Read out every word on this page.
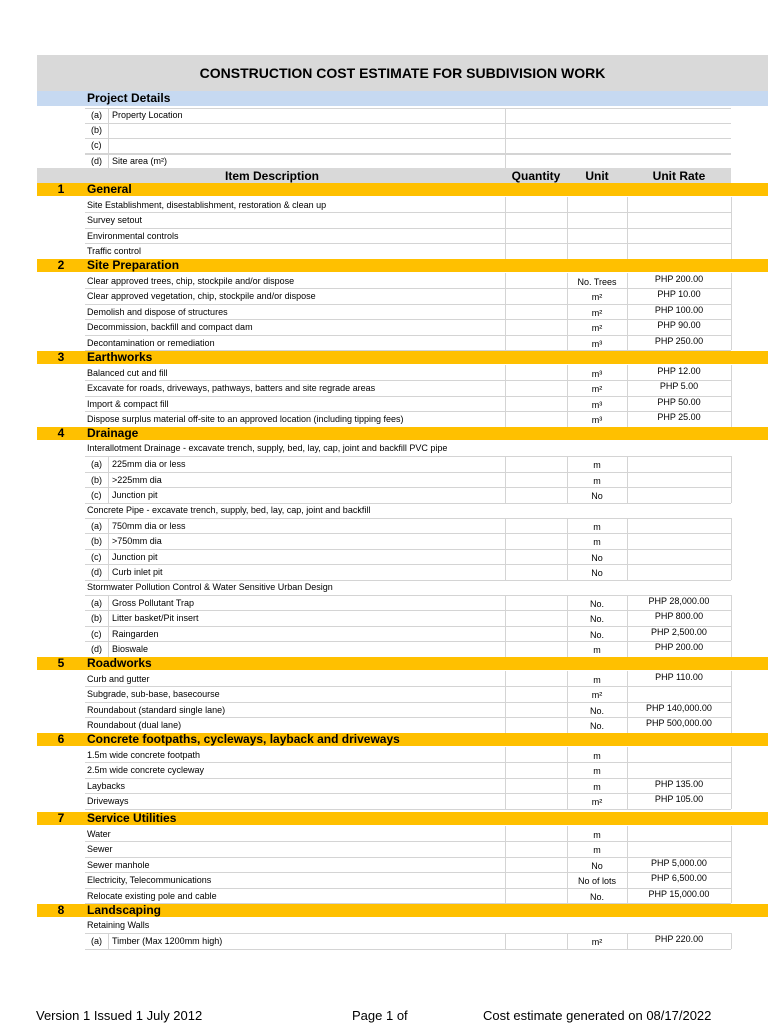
CONSTRUCTION COST ESTIMATE FOR SUBDIVISION WORK
Project Details
(a) Property Location
(b)
(c)
(d) Site area (m²)
Item Description	Quantity	Unit	Unit Rate
1	General
Site Establishment, disestablishment, restoration & clean up
Survey setout
Environmental controls
Traffic control
2	Site Preparation
Clear approved trees, chip, stockpile and/or dispose	No. Trees	PHP 200.00
Clear approved vegetation, chip, stockpile and/or dispose	m²	PHP 10.00
Demolish and dispose of structures	m²	PHP 100.00
Decommission, backfill and compact dam	m²	PHP 90.00
Decontamination or remediation	m³	PHP 250.00
3	Earthworks
Balanced cut and fill	m³	PHP 12.00
Excavate for roads, driveways, pathways, batters and site regrade areas	m²	PHP 5.00
Import & compact fill	m³	PHP 50.00
Dispose surplus material off-site to an approved location (including tipping fees)	m³	PHP 25.00
4	Drainage
Interallotment Drainage - excavate trench, supply, bed, lay, cap, joint and backfill PVC pipe
(a) 225mm dia or less	m
(b) >225mm dia	m
(c) Junction pit	No
Concrete Pipe - excavate trench, supply, bed, lay, cap, joint and backfill
(a) 750mm dia or less	m
(b) >750mm dia	m
(c) Junction pit	No
(d) Curb inlet pit	No
Stormwater Pollution Control & Water Sensitive Urban Design
(a) Gross Pollutant Trap	No.	PHP 28,000.00
(b) Litter basket/Pit insert	No.	PHP 800.00
(c) Raingarden	No.	PHP 2,500.00
(d) Bioswale	m	PHP 200.00
5	Roadworks
Curb and gutter	m	PHP 110.00
Subgrade, sub-base, basecourse	m²
Roundabout (standard single lane)	No.	PHP 140,000.00
Roundabout (dual lane)	No.	PHP 500,000.00
6	Concrete footpaths, cycleways, layback and driveways
1.5m wide concrete footpath	m
2.5m wide concrete cycleway	m
Laybacks	m	PHP 135.00
Driveways	m²	PHP 105.00
7	Service Utilities
Water	m
Sewer	m
Sewer manhole	No	PHP 5,000.00
Electricity, Telecommunications	No of lots	PHP 6,500.00
Relocate existing pole and cable	No.	PHP 15,000.00
8	Landscaping
Retaining Walls
(a) Timber (Max 1200mm high)	m²	PHP 220.00
Version 1 Issued 1 July 2012	Page 1 of	Cost estimate generated on 08/17/2022
